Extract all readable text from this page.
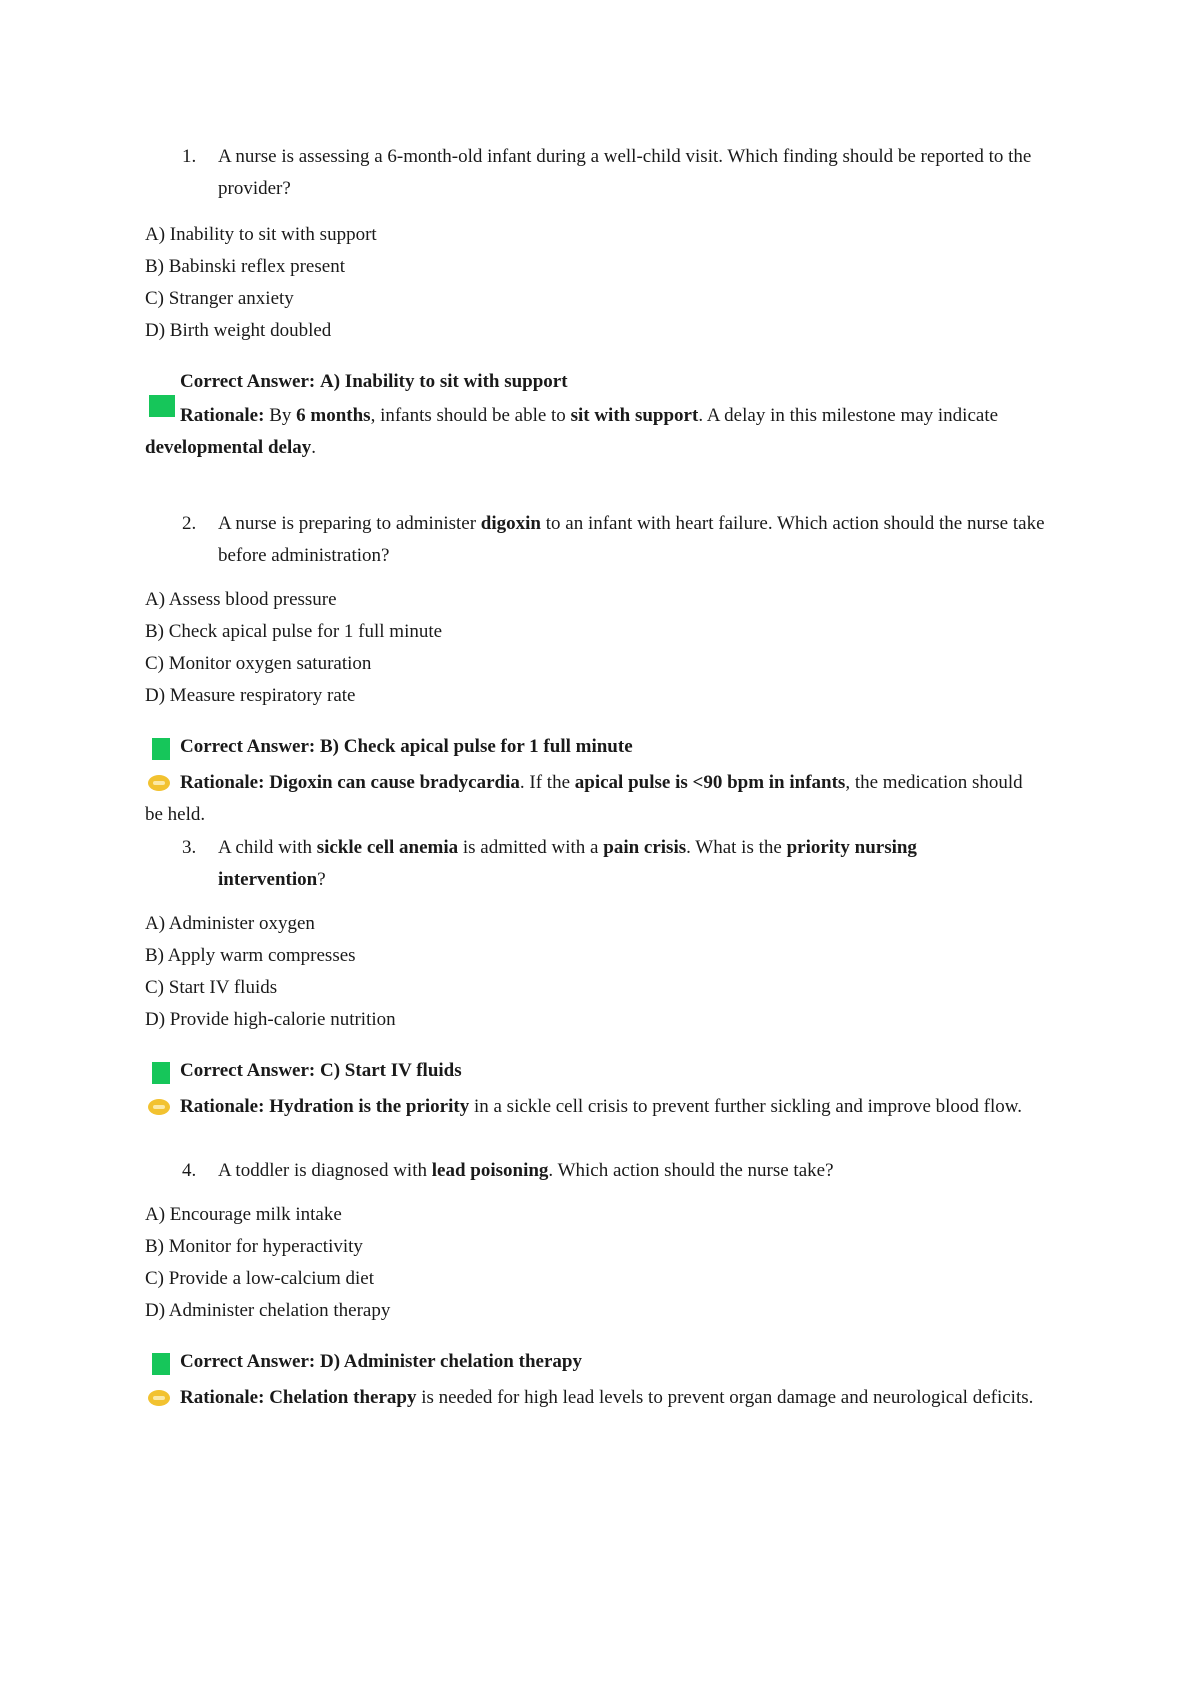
1. A nurse is assessing a 6-month-old infant during a well-child visit. Which finding should be reported to the provider?
A) Inability to sit with support
B) Babinski reflex present
C) Stranger anxiety
D) Birth weight doubled
Correct Answer: A) Inability to sit with support
Rationale: By 6 months, infants should be able to sit with support. A delay in this milestone may indicate developmental delay.
2. A nurse is preparing to administer digoxin to an infant with heart failure. Which action should the nurse take before administration?
A) Assess blood pressure
B) Check apical pulse for 1 full minute
C) Monitor oxygen saturation
D) Measure respiratory rate
Correct Answer: B) Check apical pulse for 1 full minute
Rationale: Digoxin can cause bradycardia. If the apical pulse is <90 bpm in infants, the medication should be held.
3. A child with sickle cell anemia is admitted with a pain crisis. What is the priority nursing intervention?
A) Administer oxygen
B) Apply warm compresses
C) Start IV fluids
D) Provide high-calorie nutrition
Correct Answer: C) Start IV fluids
Rationale: Hydration is the priority in a sickle cell crisis to prevent further sickling and improve blood flow.
4. A toddler is diagnosed with lead poisoning. Which action should the nurse take?
A) Encourage milk intake
B) Monitor for hyperactivity
C) Provide a low-calcium diet
D) Administer chelation therapy
Correct Answer: D) Administer chelation therapy
Rationale: Chelation therapy is needed for high lead levels to prevent organ damage and neurological deficits.
